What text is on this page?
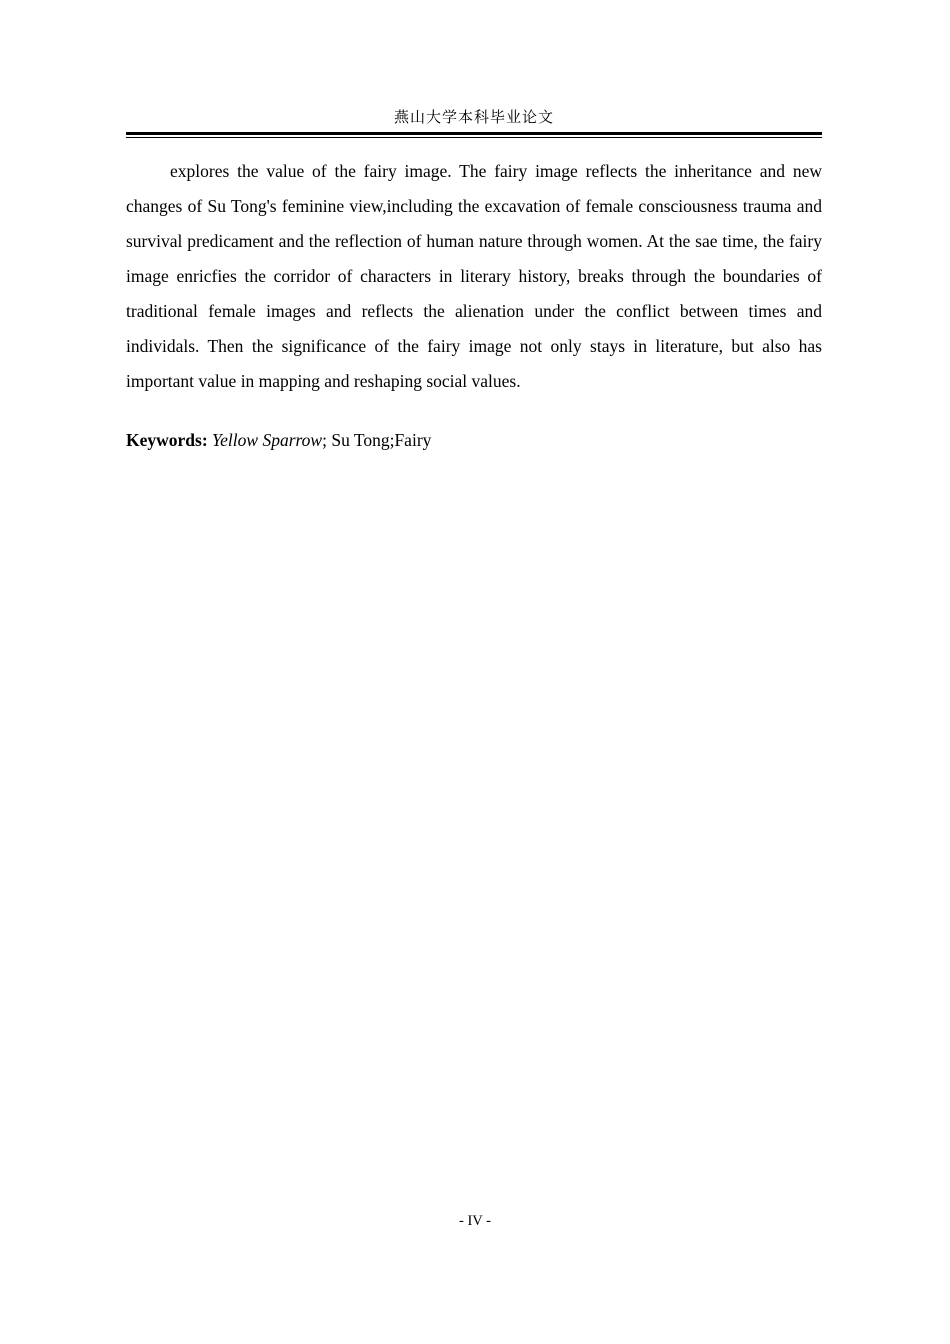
燕山大学本科毕业论文

explores the value of the fairy image. The fairy image reflects the inheritance and new changes of Su Tong's feminine view,including the excavation of female consciousness trauma and survival predicament and the reflection of human nature through women. At the sae time, the fairy image enricfies the corridor of characters in literary history, breaks through the boundaries of traditional female images and reflects the alienation under the conflict between times and individals. Then the significance of the fairy image not only stays in literature, but also has important value in mapping and reshaping social values.

Keywords: Yellow Sparrow; Su Tong;Fairy

- IV -
